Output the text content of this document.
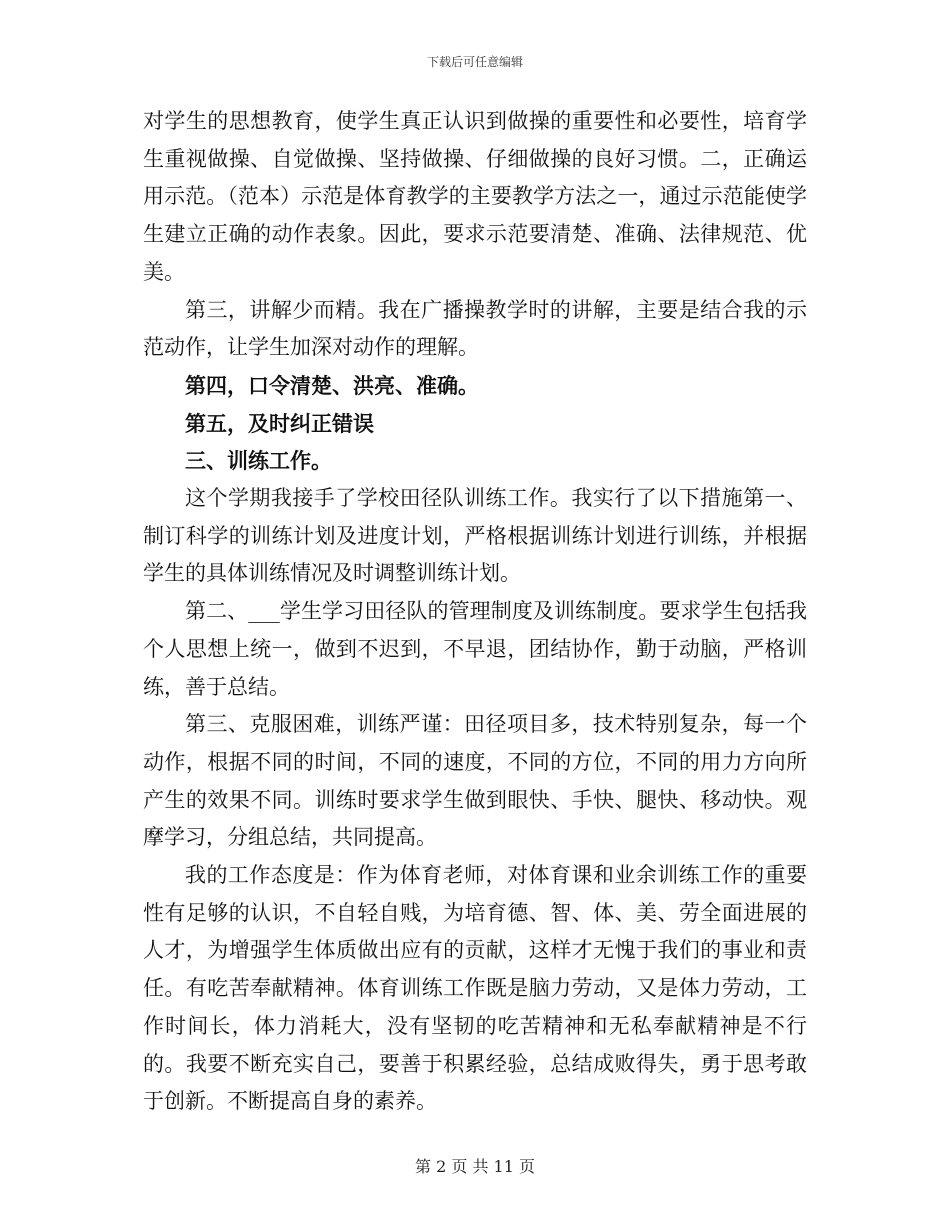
下载后可任意编辑

对学生的思想教育，使学生真正认识到做操的重要性和必要性，培育学生重视做操、自觉做操、坚持做操、仔细做操的良好习惯。二，正确运用示范。（范本）示范是体育教学的主要教学方法之一，通过示范能使学生建立正确的动作表象。因此，要求示范要清楚、准确、法律规范、优美。

第三，讲解少而精。我在广播操教学时的讲解，主要是结合我的示范动作，让学生加深对动作的理解。

第四，口令清楚、洪亮、准确。

第五，及时纠正错误

三、训练工作。

这个学期我接手了学校田径队训练工作。我实行了以下措施第一、制订科学的训练计划及进度计划，严格根据训练计划进行训练，并根据学生的具体训练情况及时调整训练计划。

第二、___学生学习田径队的管理制度及训练制度。要求学生包括我个人思想上统一，做到不迟到，不早退，团结协作，勤于动脑，严格训练，善于总结。

第三、克服困难，训练严谨：田径项目多，技术特别复杂，每一个动作，根据不同的时间，不同的速度，不同的方位，不同的用力方向所产生的效果不同。训练时要求学生做到眼快、手快、腿快、移动快。观摩学习，分组总结，共同提高。

我的工作态度是：作为体育老师，对体育课和业余训练工作的重要性有足够的认识，不自轻自贱，为培育德、智、体、美、劳全面进展的人才，为增强学生体质做出应有的贡献，这样才无愧于我们的事业和责任。有吃苦奉献精神。体育训练工作既是脑力劳动，又是体力劳动，工作时间长，体力消耗大，没有坚韧的吃苦精神和无私奉献精神是不行的。我要不断充实自己，要善于积累经验，总结成败得失，勇于思考敢于创新。不断提高自身的素养。

第 2 页 共 11 页
